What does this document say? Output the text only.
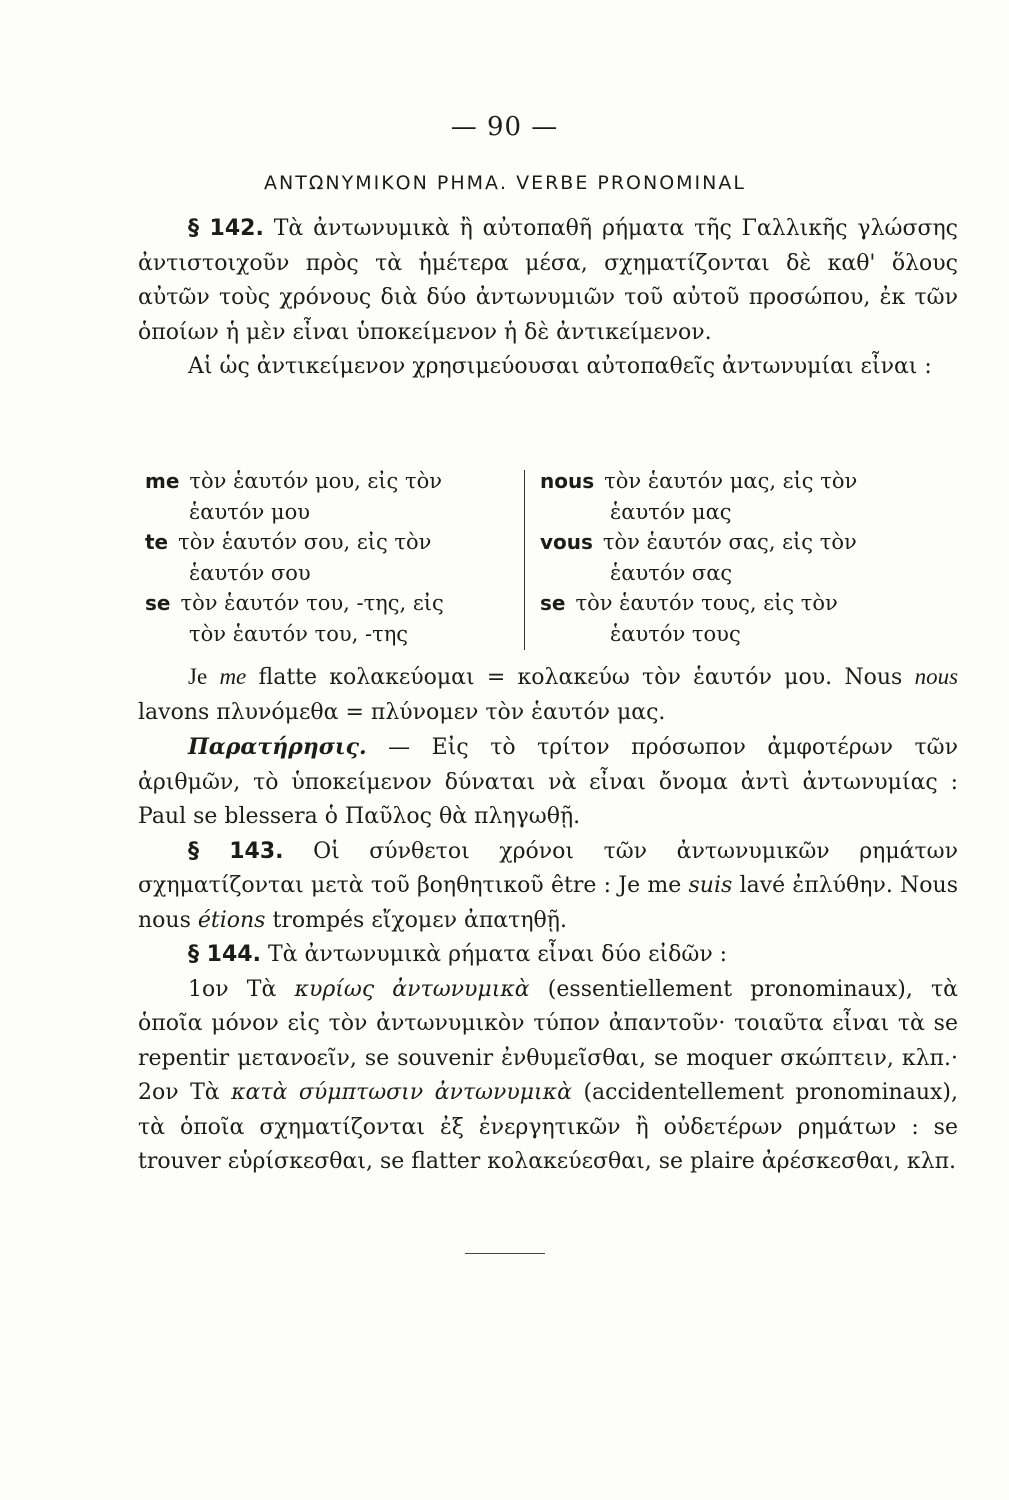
— 90 —
ΑΝΤΩΝΥΜΙΚΟΝ ΡΗΜΑ. VERBE PRONOMINAL

§ 142. Τὰ ἀντωνυμικὰ ἢ αὐτοπαθῆ ρήματα τῆς Γαλλικῆς γλώσσης ἀντιστοιχοῦν πρὸς τὰ ἡμέτερα μέσα, σχηματίζονται δὲ καθ' ὅλους αὐτῶν τοὺς χρόνους διὰ δύο ἀντωνυμιῶν τοῦ αὐτοῦ προσώπου, ἐκ τῶν ὁποίων ἡ μὲν εἶναι ὑποκείμενον ἡ δὲ ἀντικείμενον.

Αἱ ὡς ἀντικείμενον χρησιμεύουσαι αὐτοπαθεῖς ἀντωνυμίαι εἶναι :

me τὸν ἑαυτόν μου, εἰς τὸν

ἑαυτόν μου

te τὸν ἑαυτόν σου, εἰς τὸν

ἑαυτόν σου

se τὸν ἑαυτόν του, -της, εἰς

τὸν ἑαυτόν του, -της

nous τὸν ἑαυτόν μας, εἰς τὸν

ἑαυτόν μας

vous τὸν ἑαυτόν σας, εἰς τὸν

ἑαυτόν σας

se τὸν ἑαυτόν τους, εἰς τὸν

ἑαυτόν τους

Je me flatte κολακεύομαι = κολακεύω τὸν ἑαυτόν μου. Nous nous lavons πλυνόμεθα = πλύνομεν τὸν ἑαυτόν μας.

Παρατήρησις. — Εἰς τὸ τρίτον πρόσωπον ἀμφοτέρων τῶν ἀριθμῶν, τὸ ὑποκείμενον δύναται νὰ εἶναι ὄνομα ἀντὶ ἀντωνυμίας : Paul se blessera ὁ Παῦλος θὰ πληγωθῇ.

§ 143. Οἱ σύνθετοι χρόνοι τῶν ἀντωνυμικῶν ρημάτων σχηματίζονται μετὰ τοῦ βοηθητικοῦ être : Je me suis lavé ἐπλύθην. Nous nous étions trompés εἴχομεν ἀπατηθῇ.

§ 144. Τὰ ἀντωνυμικὰ ρήματα εἶναι δύο εἰδῶν :

1ον Τὰ κυρίως ἀντωνυμικὰ (essentiellement pronominaux), τὰ ὁποῖα μόνον εἰς τὸν ἀντωνυμικὸν τύπον ἀπαντοῦν· τοιαῦτα εἶναι τὰ se repentir μετανοεῖν, se souvenir ἐνθυμεῖσθαι, se moquer σκώπτειν, κλπ.· 2ον Τὰ κατὰ σύμπτωσιν ἀντωνυμικὰ (accidentellement pronominaux), τὰ ὁποῖα σχηματίζονται ἐξ ἐνεργητικῶν ἢ οὐδετέρων ρημάτων : se trouver εὑρίσκεσθαι, se flatter κολακεύεσθαι, se plaire ἀρέσκεσθαι, κλπ.
